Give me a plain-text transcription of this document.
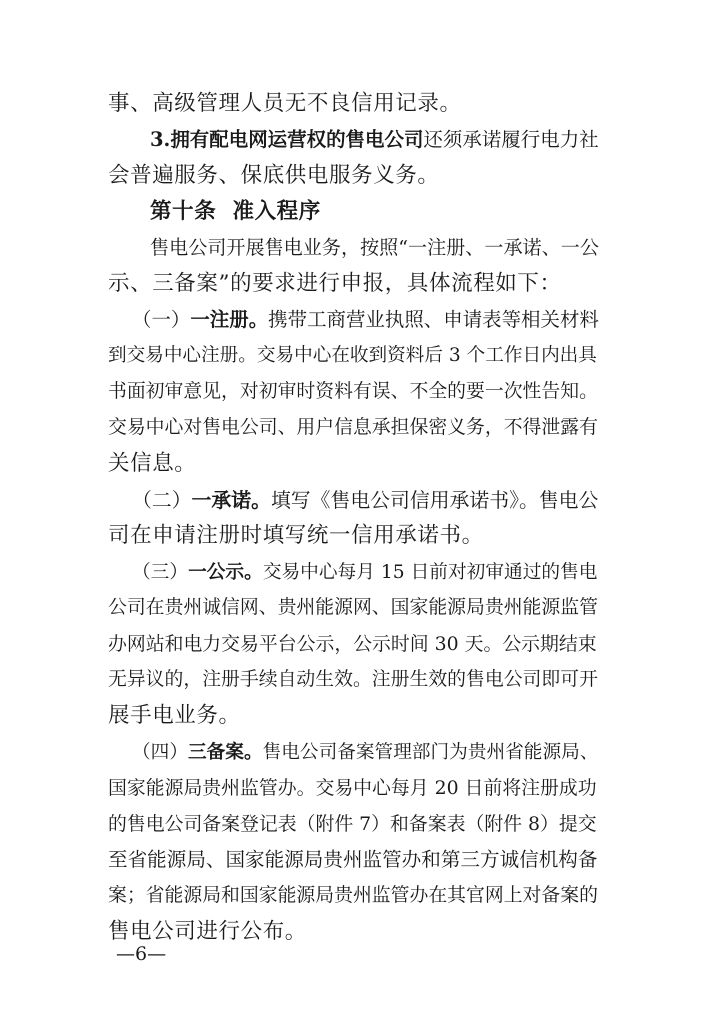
事、高级管理人员无不良信用记录。
3.拥有配电网运营权的售电公司还须承诺履行电力社
会普遍服务、保底供电服务义务。
第十条  准入程序
售电公司开展售电业务，按照“一注册、一承诺、一公
示、三备案”的要求进行申报，具体流程如下：
（一）一注册。携带工商营业执照、申请表等相关材料
到交易中心注册。交易中心在收到资料后 3 个工作日内出具
书面初审意见，对初审时资料有误、不全的要一次性告知。
交易中心对售电公司、用户信息承担保密义务，不得泄露有
关信息。
（二）一承诺。填写《售电公司信用承诺书》。售电公
司在申请注册时填写统一信用承诺书。
（三）一公示。交易中心每月 15 日前对初审通过的售电
公司在贵州诚信网、贵州能源网、国家能源局贵州能源监管
办网站和电力交易平台公示，公示时间 30 天。公示期结束
无异议的，注册手续自动生效。注册生效的售电公司即可开
展手电业务。
（四）三备案。售电公司备案管理部门为贵州省能源局、
国家能源局贵州监管办。交易中心每月 20 日前将注册成功
的售电公司备案登记表（附件 7）和备案表（附件 8）提交
至省能源局、国家能源局贵州监管办和第三方诚信机构备
案；省能源局和国家能源局贵州监管办在其官网上对备案的
售电公司进行公布。
—6—
